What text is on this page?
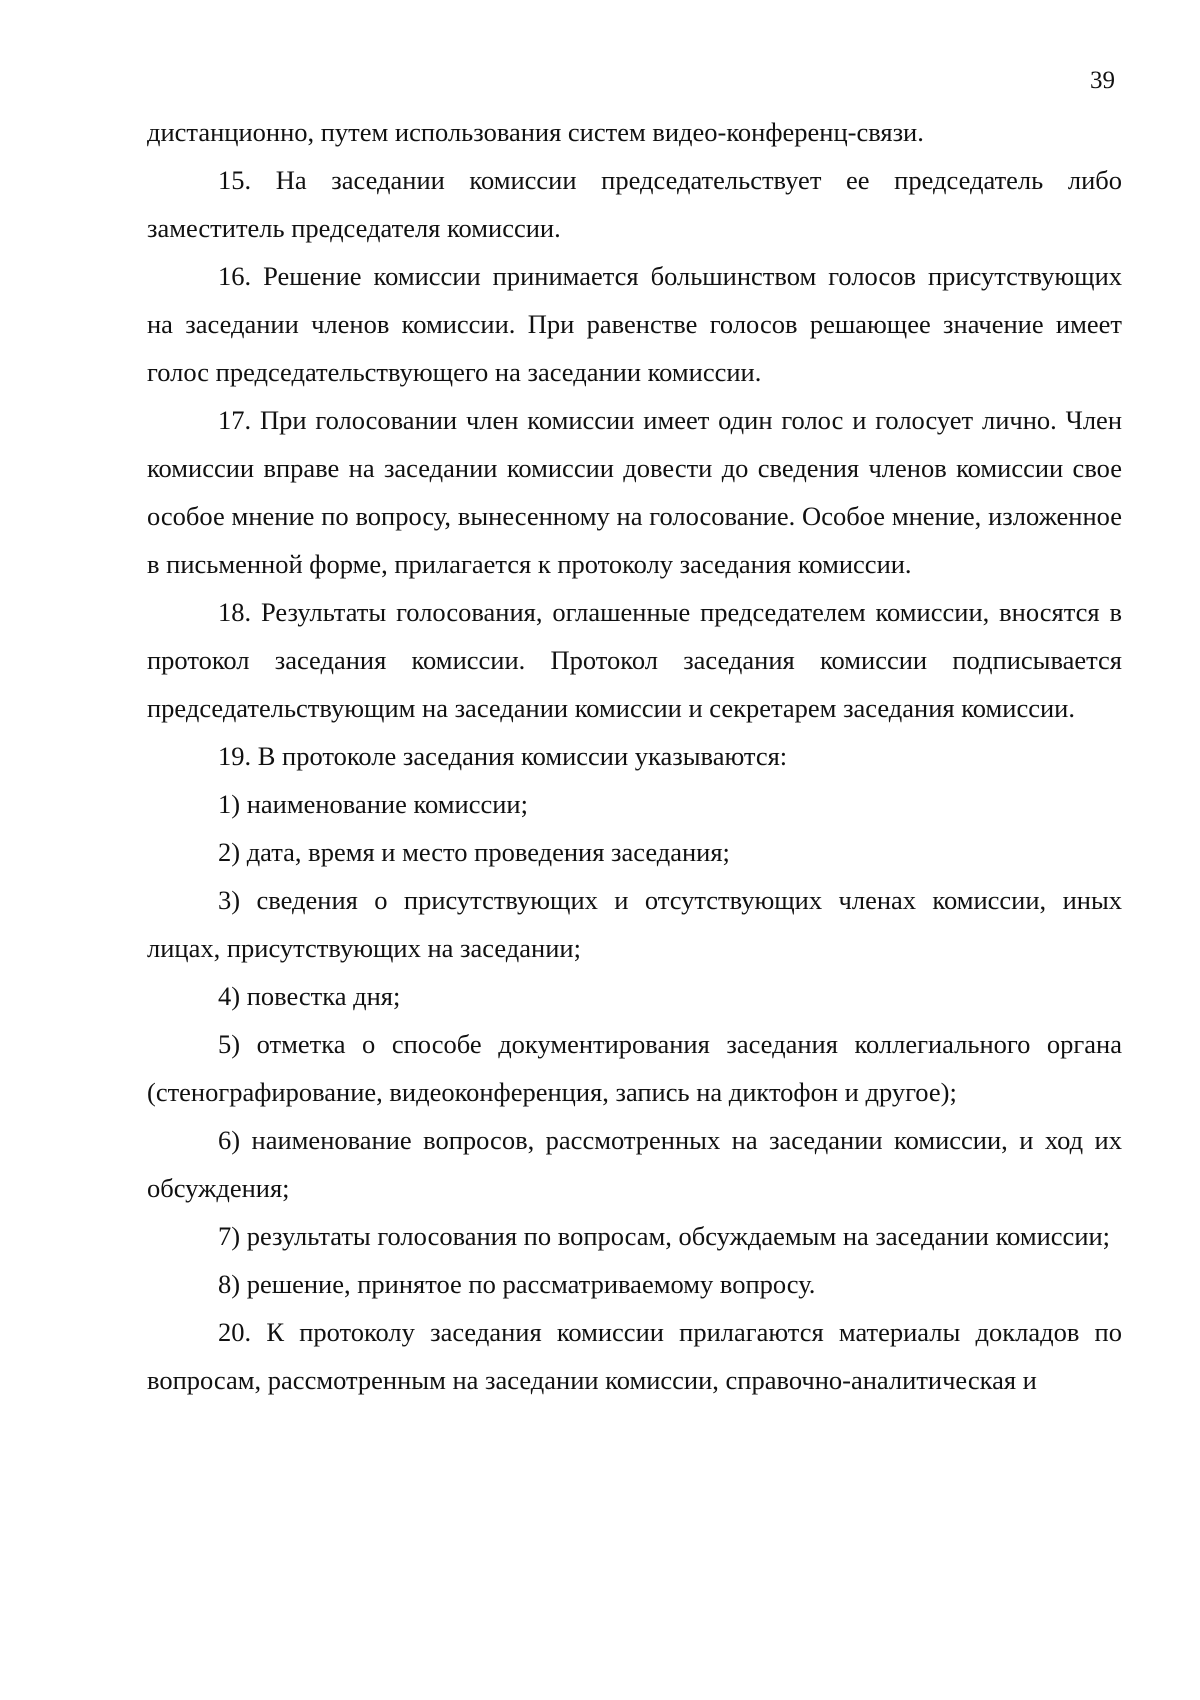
39

дистанционно, путем использования систем видео-конференц-связи.

15. На заседании комиссии председательствует ее председатель либо заместитель председателя комиссии.

16. Решение комиссии принимается большинством голосов присутствующих на заседании членов комиссии. При равенстве голосов решающее значение имеет голос председательствующего на заседании комиссии.

17. При голосовании член комиссии имеет один голос и голосует лично. Член комиссии вправе на заседании комиссии довести до сведения членов комиссии свое особое мнение по вопросу, вынесенному на голосование. Особое мнение, изложенное в письменной форме, прилагается к протоколу заседания комиссии.

18. Результаты голосования, оглашенные председателем комиссии, вносятся в протокол заседания комиссии. Протокол заседания комиссии подписывается председательствующим на заседании комиссии и секретарем заседания комиссии.

19. В протоколе заседания комиссии указываются:

1) наименование комиссии;

2) дата, время и место проведения заседания;

3) сведения о присутствующих и отсутствующих членах комиссии, иных лицах, присутствующих на заседании;

4) повестка дня;

5) отметка о способе документирования заседания коллегиального органа (стенографирование, видеоконференция, запись на диктофон и другое);

6) наименование вопросов, рассмотренных на заседании комиссии, и ход их обсуждения;

7) результаты голосования по вопросам, обсуждаемым на заседании комиссии;

8) решение, принятое по рассматриваемому вопросу.

20. К протоколу заседания комиссии прилагаются материалы докладов по вопросам, рассмотренным на заседании комиссии, справочно-аналитическая и
